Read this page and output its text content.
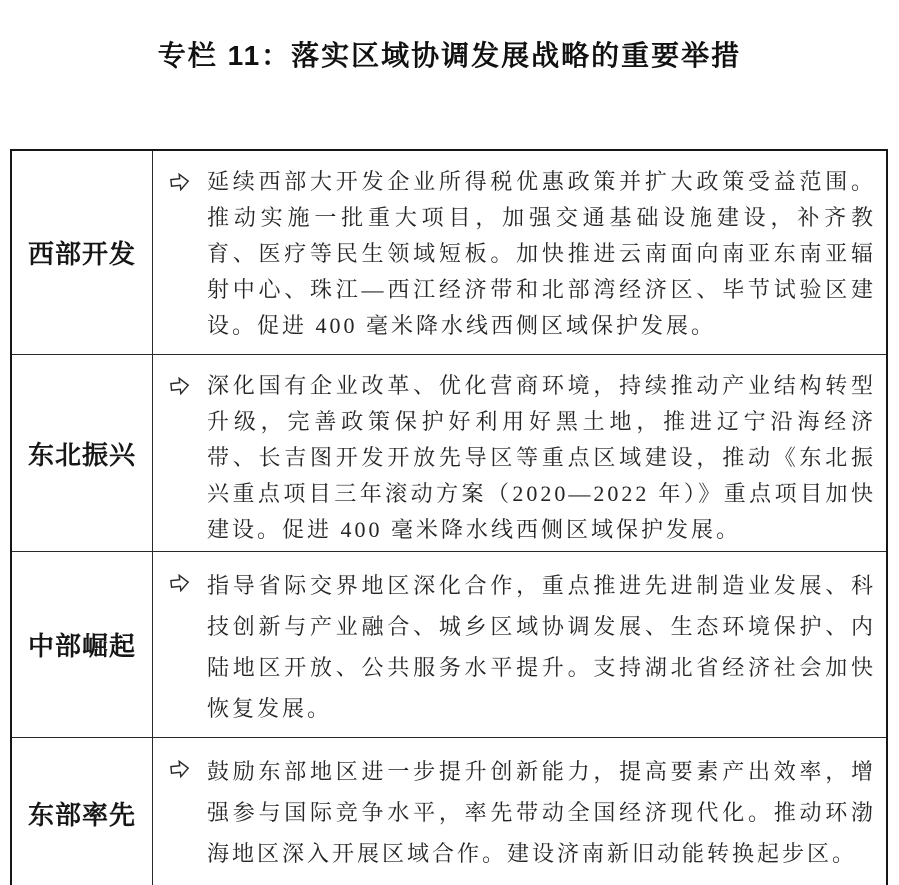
专栏 11：落实区域协调发展战略的重要举措
西部开发

延续西部大开发企业所得税优惠政策并扩大政策受益范围。推动实施一批重大项目，加强交通基础设施建设，补齐教育、医疗等民生领域短板。加快推进云南面向南亚东南亚辐射中心、珠江—西江经济带和北部湾经济区、毕节试验区建设。促进 400 毫米降水线西侧区域保护发展。

东北振兴

深化国有企业改革、优化营商环境，持续推动产业结构转型升级，完善政策保护好利用好黑土地，推进辽宁沿海经济带、长吉图开发开放先导区等重点区域建设，推动《东北振兴重点项目三年滚动方案（2020—2022 年）》重点项目加快建设。促进 400 毫米降水线西侧区域保护发展。

中部崛起

指导省际交界地区深化合作，重点推进先进制造业发展、科技创新与产业融合、城乡区域协调发展、生态环境保护、内陆地区开放、公共服务水平提升。支持湖北省经济社会加快恢复发展。

东部率先

鼓励东部地区进一步提升创新能力，提高要素产出效率，增强参与国际竞争水平，率先带动全国经济现代化。推动环渤海地区深入开展区域合作。建设济南新旧动能转换起步区。
